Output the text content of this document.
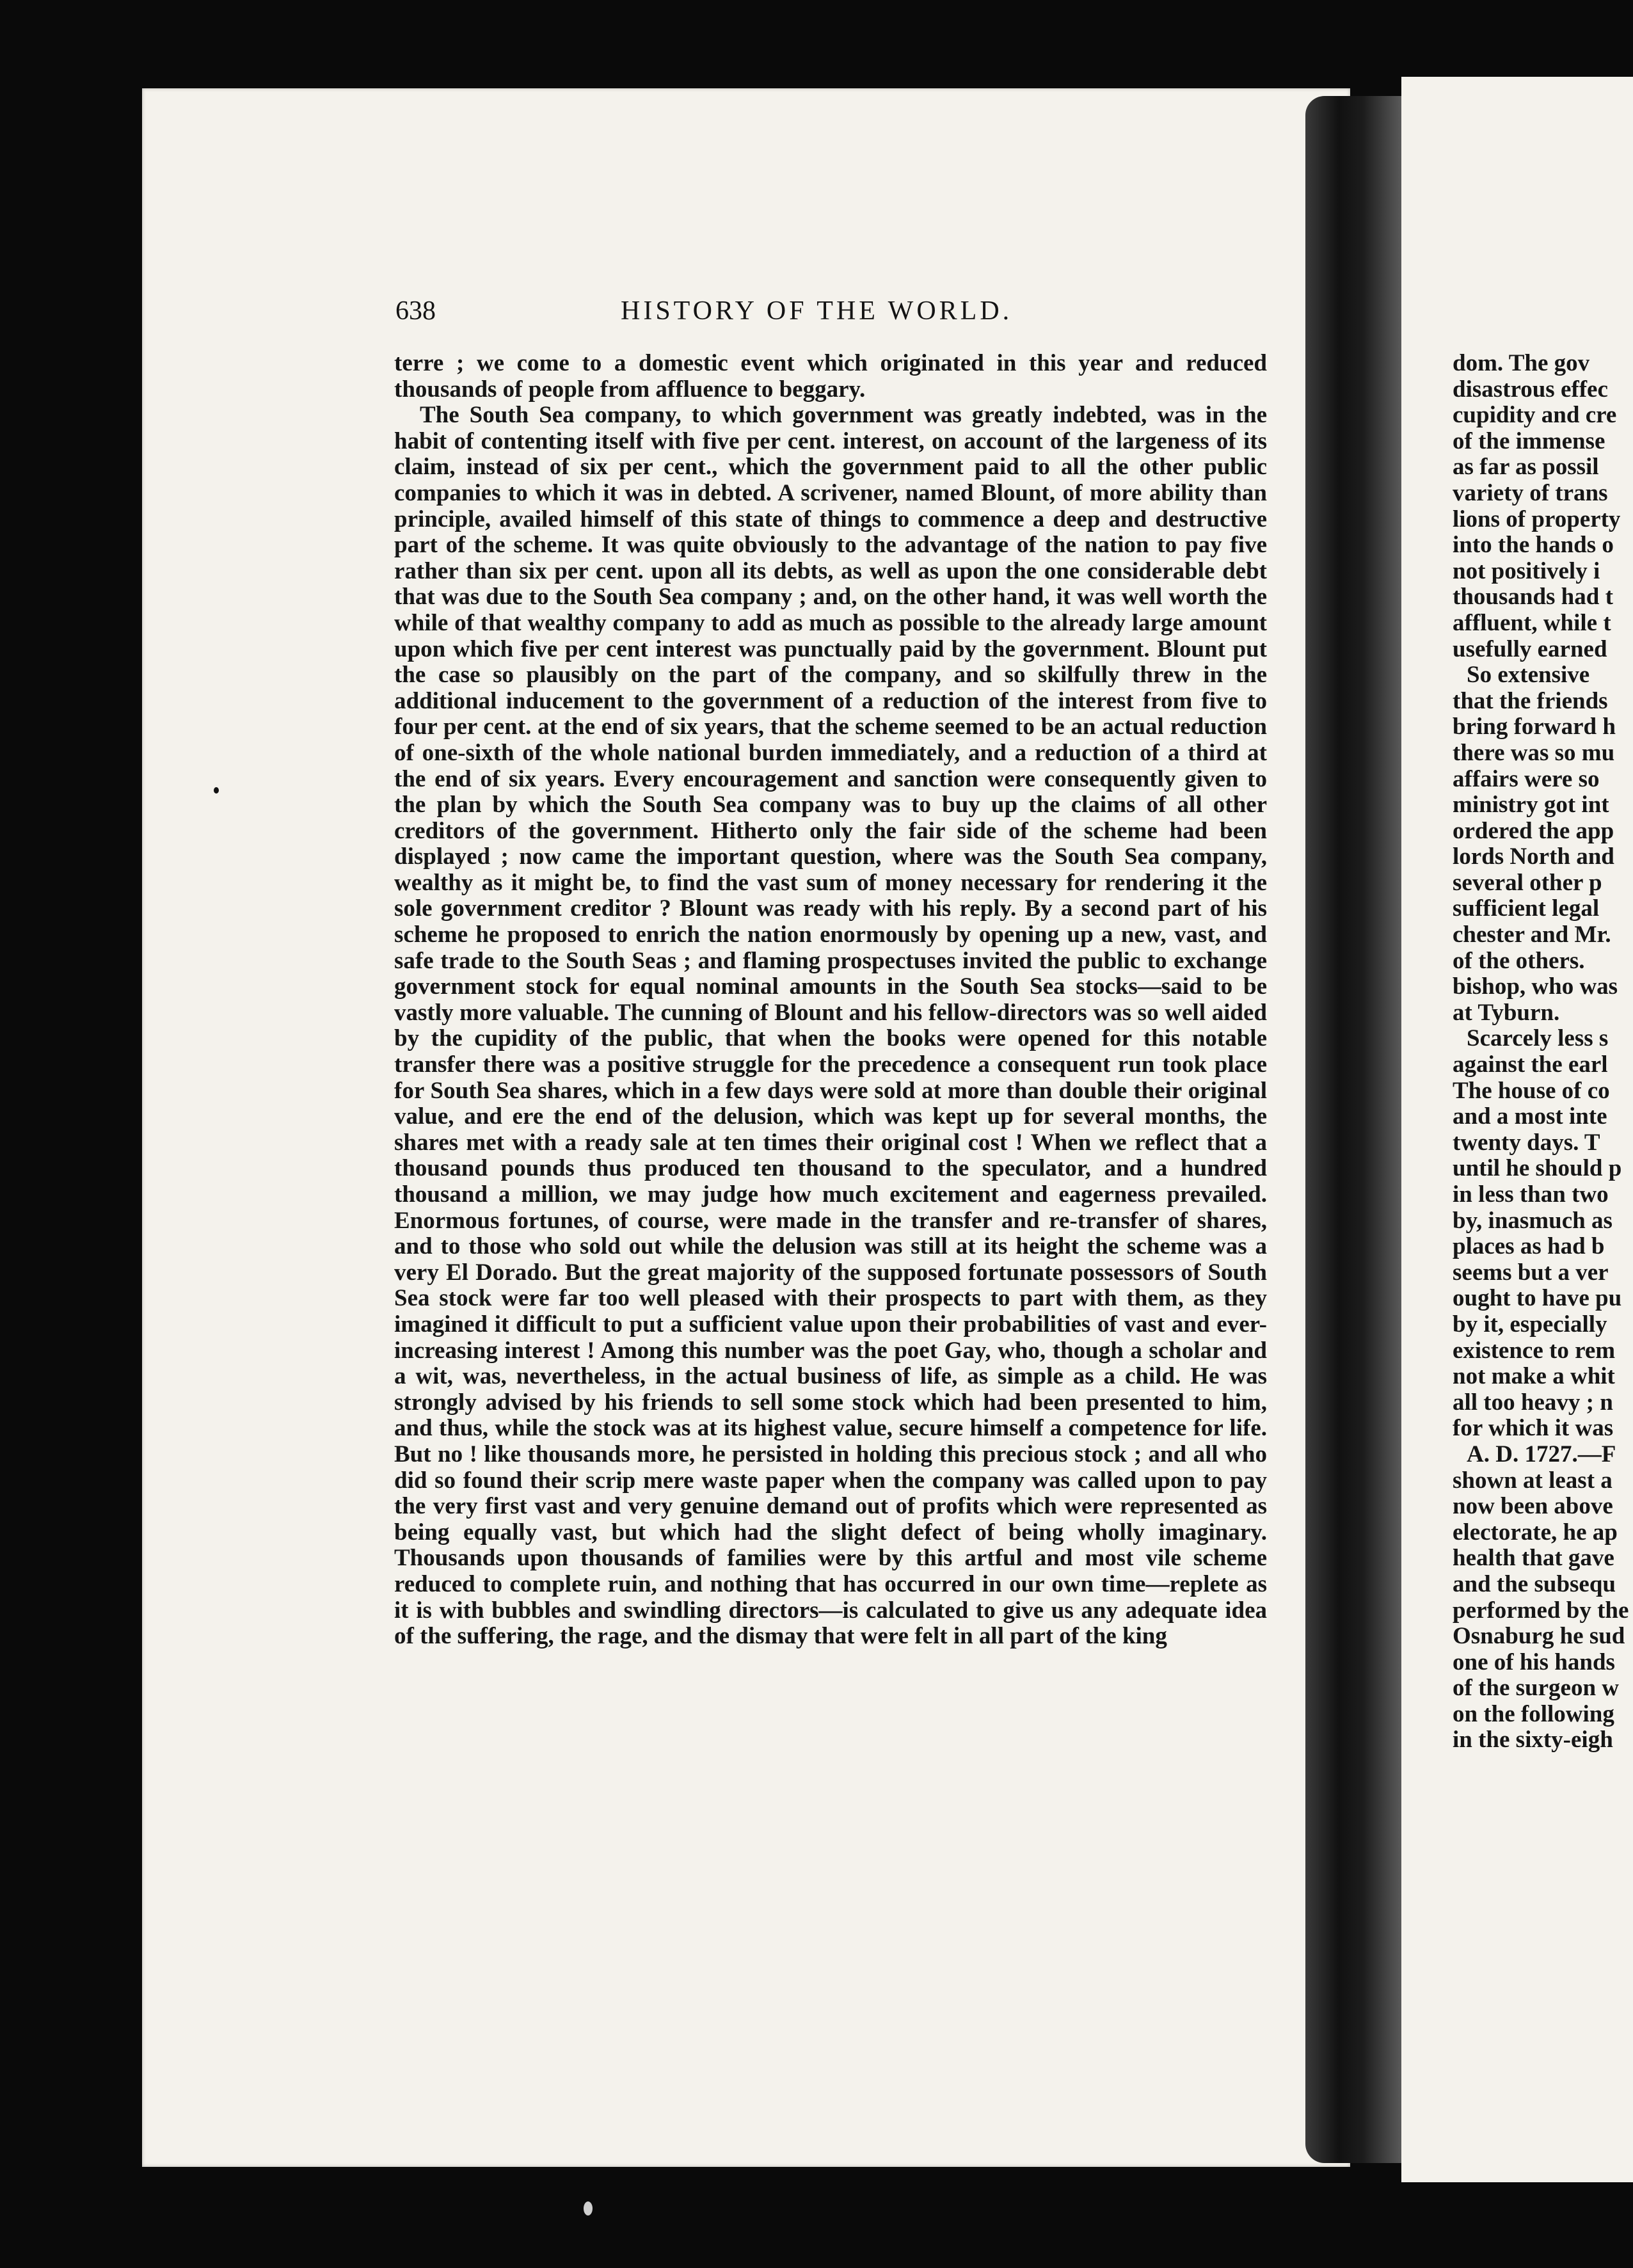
638	HISTORY OF THE WORLD.

terre ; we come to a domestic event which originated in this year and reduced thousands of people from affluence to beggary.

The South Sea company, to which government was greatly indebted, was in the habit of contenting itself with five per cent. interest, on account of the largeness of its claim, instead of six per cent., which the government paid to all the other public companies to which it was in debted. A scrivener, named Blount, of more ability than principle, availed himself of this state of things to commence a deep and destructive part of the scheme. It was quite obviously to the advantage of the nation to pay five rather than six per cent. upon all its debts, as well as upon the one considerable debt that was due to the South Sea company ; and, on the other hand, it was well worth the while of that wealthy company to add as much as possible to the already large amount upon which five per cent interest was punctually paid by the government. Blount put the case so plausibly on the part of the company, and so skilfully threw in the additional inducement to the government of a reduction of the interest from five to four per cent. at the end of six years, that the scheme seemed to be an actual reduction of one-sixth of the whole national burden immediately, and a reduction of a third at the end of six years. Every encouragement and sanction were consequently given to the plan by which the South Sea company was to buy up the claims of all other creditors of the government. Hitherto only the fair side of the scheme had been displayed ; now came the important question, where was the South Sea company, wealthy as it might be, to find the vast sum of money necessary for rendering it the sole government creditor ? Blount was ready with his reply. By a second part of his scheme he proposed to enrich the nation enormously by opening up a new, vast, and safe trade to the South Seas ; and flaming prospectuses invited the public to exchange government stock for equal nominal amounts in the South Sea stocks—said to be vastly more valuable. The cunning of Blount and his fellow-directors was so well aided by the cupidity of the public, that when the books were opened for this notable transfer there was a positive struggle for the precedence a consequent run took place for South Sea shares, which in a few days were sold at more than double their original value, and ere the end of the delusion, which was kept up for several months, the shares met with a ready sale at ten times their original cost ! When we reflect that a thousand pounds thus produced ten thousand to the speculator, and a hundred thousand a million, we may judge how much excitement and eagerness prevailed. Enormous fortunes, of course, were made in the transfer and re-transfer of shares, and to those who sold out while the delusion was still at its height the scheme was a very El Dorado. But the great majority of the supposed fortunate possessors of South Sea stock were far too well pleased with their prospects to part with them, as they imagined it difficult to put a sufficient value upon their probabilities of vast and ever-increasing interest ! Among this number was the poet Gay, who, though a scholar and a wit, was, nevertheless, in the actual business of life, as simple as a child. He was strongly advised by his friends to sell some stock which had been presented to him, and thus, while the stock was at its highest value, secure himself a competence for life. But no ! like thousands more, he persisted in holding this precious stock ; and all who did so found their scrip mere waste paper when the company was called upon to pay the very first vast and very genuine demand out of profits which were represented as being equally vast, but which had the slight defect of being wholly imaginary. Thousands upon thousands of families were by this artful and most vile scheme reduced to complete ruin, and nothing that has occurred in our own time—replete as it is with bubbles and swindling directors—is calculated to give us any adequate idea of the suffering, the rage, and the dismay that were felt in all part of the king

dom. The gov
disastrous effec
cupidity and cre
of the immense
as far as possil
variety of trans
lions of property
into the hands o
not positively i
thousands had t
affluent, while t
usefully earned
So extensive
that the friends
bring forward h
there was so mu
affairs were so
ministry got int
ordered the app
lords North and
several other p
sufficient legal
chester and Mr.
of the others.
bishop, who was
at Tyburn.
Scarcely less s
against the earl
The house of co
and a most inte
twenty days. T
until he should p
in less than two
by, inasmuch as
places as had b
seems but a ver
ought to have pu
by it, especially
existence to rem
not make a whit
all too heavy ; n
for which it was
A. D. 1727.—F
shown at least a
now been above
electorate, he ap
health that gave
and the subsequ
performed by the
Osnaburg he sud
one of his hands
of the surgeon w
on the following
in the sixty-eigh
